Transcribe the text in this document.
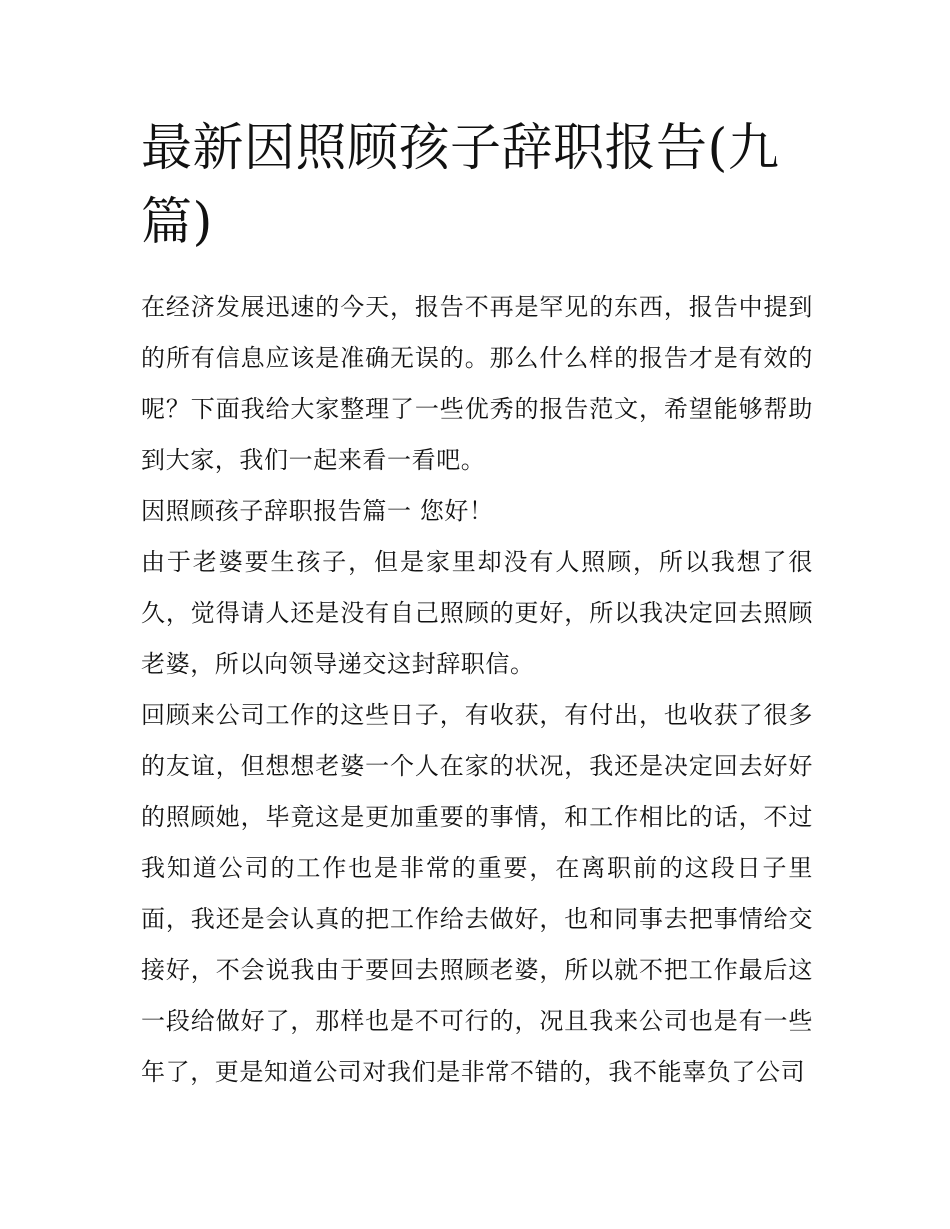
最新因照顾孩子辞职报告(九篇)

在经济发展迅速的今天，报告不再是罕见的东西，报告中提到的所有信息应该是准确无误的。那么什么样的报告才是有效的呢？下面我给大家整理了一些优秀的报告范文，希望能够帮助到大家，我们一起来看一看吧。

因照顾孩子辞职报告篇一 您好！

由于老婆要生孩子，但是家里却没有人照顾，所以我想了很久，觉得请人还是没有自己照顾的更好，所以我决定回去照顾老婆，所以向领导递交这封辞职信。

回顾来公司工作的这些日子，有收获，有付出，也收获了很多的友谊，但想想老婆一个人在家的状况，我还是决定回去好好的照顾她，毕竟这是更加重要的事情，和工作相比的话，不过我知道公司的工作也是非常的重要，在离职前的这段日子里面，我还是会认真的把工作给去做好，也和同事去把事情给交接好，不会说我由于要回去照顾老婆，所以就不把工作最后这一段给做好了，那样也是不可行的，况且我来公司也是有一些年了，更是知道公司对我们是非常不错的，我不能辜负了公司
